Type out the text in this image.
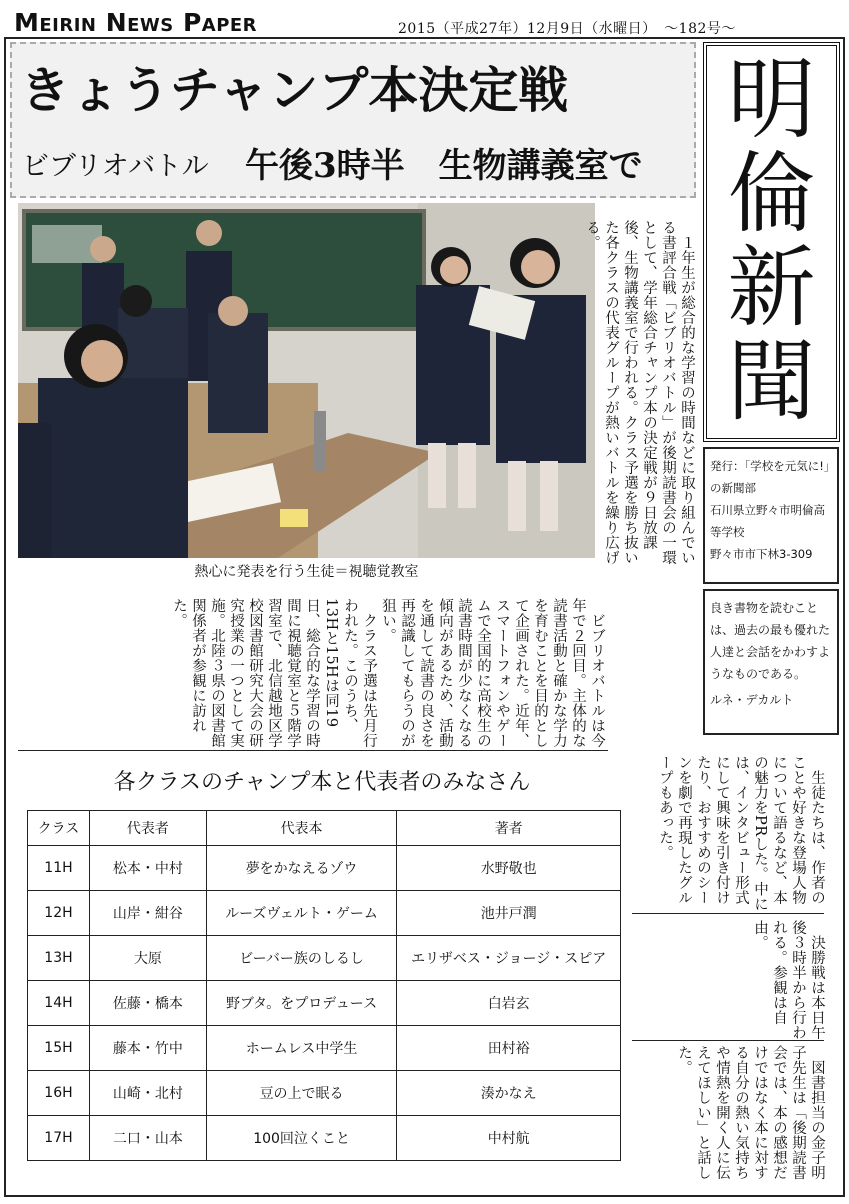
Meirin News Paper	2015（平成27年）12月9日（水曜日）　～182号～
きょうチャンプ本決定戦
ビブリオバトル 午後3時半　生物講義室で
明
倫
新
聞
発行：「学校を元気に!」の新聞部
石川県立野々市明倫高等学校
野々市市下林3-309
良き書物を読むことは、過去の最も優れた人達と会話をかわすようなものである。
ルネ・デカルト
熱心に発表を行う生徒＝視聴覚教室
　１年生が総合的な学習の時間などに取り組んでいる書評合戦「ビブリオバトル」が後期読書会の一環として、学年総合チャンプ本の決定戦が９日放課後、生物講義室で行われる。クラス予選を勝ち抜いた各クラスの代表グループが熱いバトルを繰り広げる。
　ビブリオバトルは今年で２回目。主体的な読書活動と確かな学力を育むことを目的として企画された。近年、スマートフォンやゲームで全国的に高校生の読書時間が少なくなる傾向があるため、活動を通して読書の良さを再認識してもらうのが狙い。
　クラス予選は先月行われた。このうち、13Hと15Hは同19日、総合的な学習の時間に視聴覚室と５階学習室で、北信越地区学校図書館研究大会の研究授業の一つとして実施。北陸３県の図書館関係者が参観に訪れた。
　生徒たちは、作者のことや好きな登場人物について語るなど、本の魅力をPRした。中には、インタビュー形式にして興味を引き付けたり、おすすめのシーンを劇で再現したグループもあった。
　決勝戦は本日午後３時半から行われる。参観は自由。
　図書担当の金子明子先生は「後期読書会では、本の感想だけではなく本に対する自分の熱い気持ちや情熱を開く人に伝えてほしい」と話した。
各クラスのチャンプ本と代表者のみなさん
クラス	代表者	代表本	著者
11H	松本・中村	夢をかなえるゾウ	水野敬也
12H	山岸・紺谷	ルーズヴェルト・ゲーム	池井戸潤
13H	大原	ビーバー族のしるし	エリザベス・ジョージ・スピア
14H	佐藤・橋本	野ブタ。をプロデュース	白岩玄
15H	藤本・竹中	ホームレス中学生	田村裕
16H	山崎・北村	豆の上で眠る	湊かなえ
17H	二口・山本	100回泣くこと	中村航
